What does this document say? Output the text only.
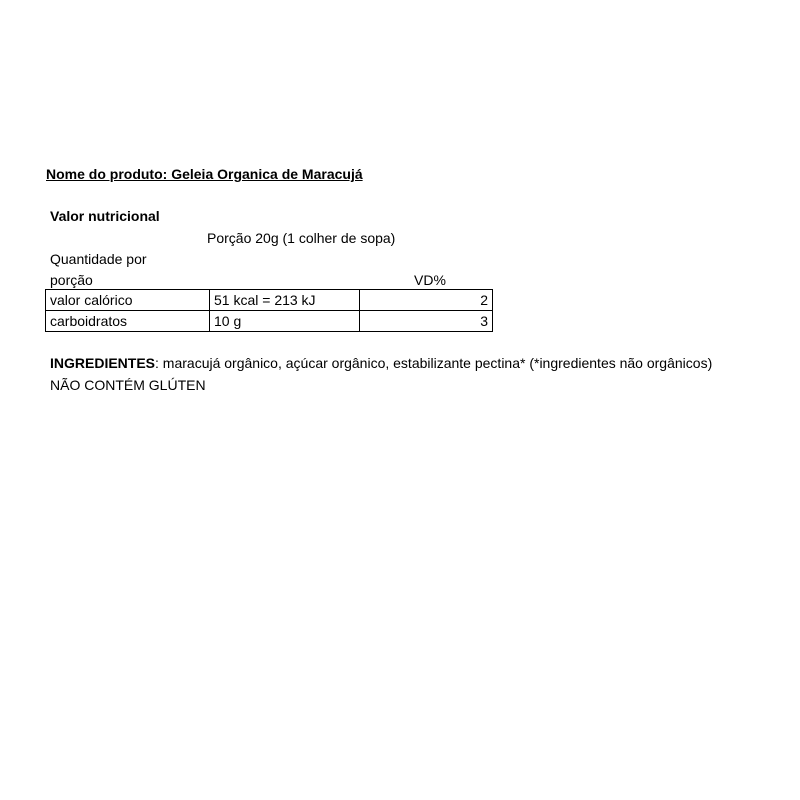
Nome do produto: Geleia Organica de Maracujá
Valor nutricional
Porção 20g (1 colher de sopa)
Quantidade por
porção	VD%
valor calórico	51 kcal = 213 kJ	2
carboidratos	10 g	3
INGREDIENTES: maracujá orgânico, açúcar orgânico, estabilizante pectina* (*ingredientes não orgânicos)
NÃO CONTÉM GLÚTEN
